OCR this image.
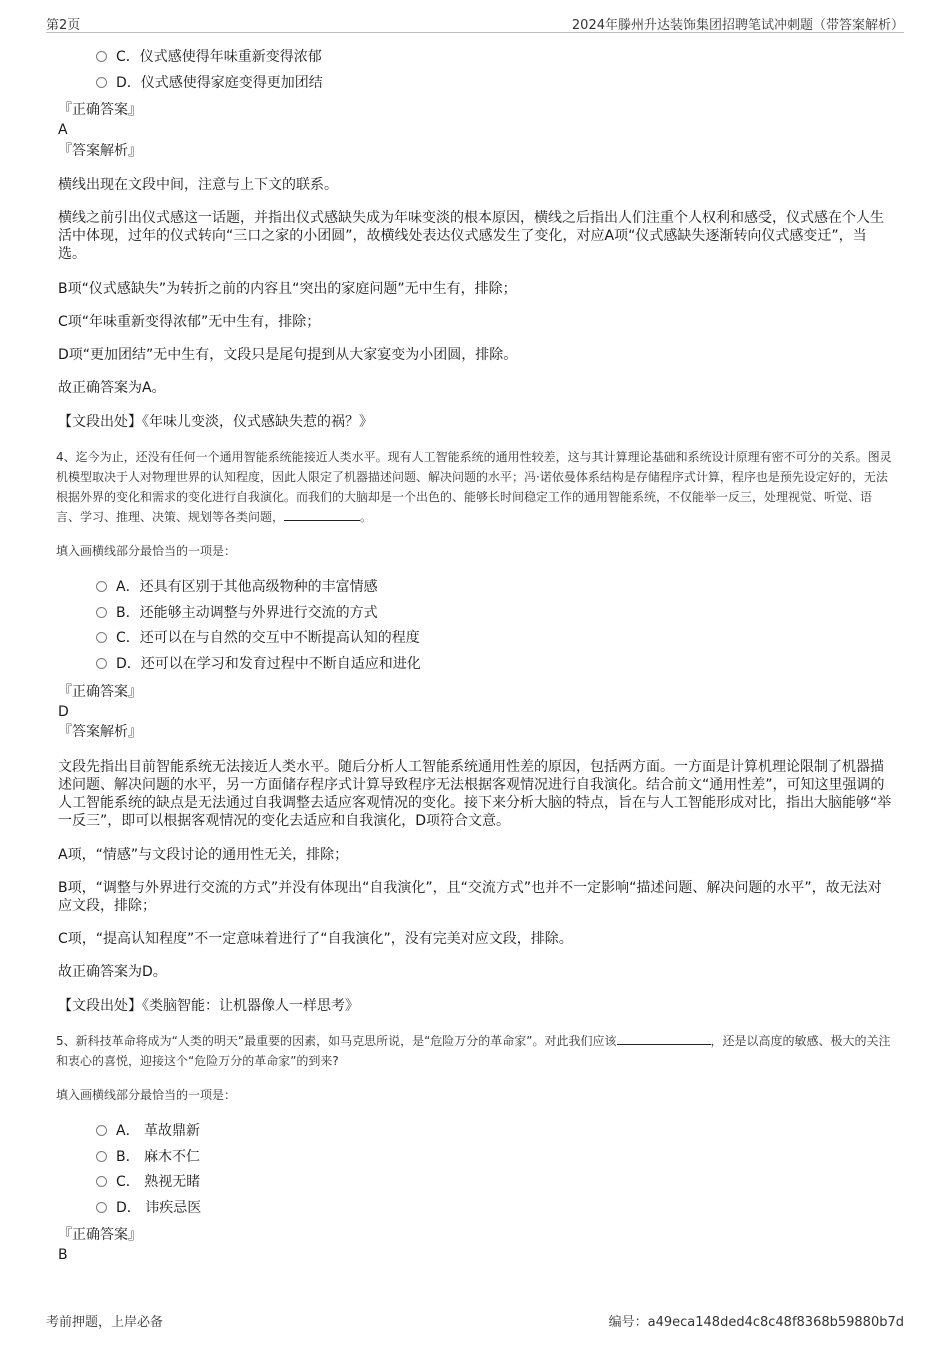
第2页	2024年滕州升达装饰集团招聘笔试冲刺题（带答案解析）
C．仪式感使得年味重新变得浓郁
D．仪式感使得家庭变得更加团结
『正确答案』
A
『答案解析』
横线出现在文段中间，注意与上下文的联系。
横线之前引出仪式感这一话题，并指出仪式感缺失成为年味变淡的根本原因，横线之后指出人们注重个人权利和感受，仪式感在个人生活中体现，过年的仪式转向“三口之家的小团圆”，故横线处表达仪式感发生了变化，对应A项“仪式感缺失逐渐转向仪式感变迁”，当选。
B项“仪式感缺失”为转折之前的内容且“突出的家庭问题”无中生有，排除；
C项“年味重新变得浓郁”无中生有，排除；
D项“更加团结”无中生有，文段只是尾句提到从大家宴变为小团圆，排除。
故正确答案为A。
【文段出处】《年味儿变淡，仪式感缺失惹的祸？》
4、迄今为止，还没有任何一个通用智能系统能接近人类水平。现有人工智能系统的通用性较差，这与其计算理论基础和系统设计原理有密不可分的关系。图灵机模型取决于人对物理世界的认知程度，因此人限定了机器描述问题、解决问题的水平；冯·诺依曼体系结构是存储程序式计算，程序也是预先设定好的，无法根据外界的变化和需求的变化进行自我演化。而我们的大脑却是一个出色的、能够长时间稳定工作的通用智能系统，不仅能举一反三，处理视觉、听觉、语言、学习、推理、决策、规划等各类问题，	。
填入画横线部分最恰当的一项是：
A．还具有区别于其他高级物种的丰富情感
B．还能够主动调整与外界进行交流的方式
C．还可以在与自然的交互中不断提高认知的程度
D．还可以在学习和发育过程中不断自适应和进化
『正确答案』
D
『答案解析』
文段先指出目前智能系统无法接近人类水平。随后分析人工智能系统通用性差的原因，包括两方面。一方面是计算机理论限制了机器描述问题、解决问题的水平，另一方面储存程序式计算导致程序无法根据客观情况进行自我演化。结合前文“通用性差”，可知这里强调的人工智能系统的缺点是无法通过自我调整去适应客观情况的变化。接下来分析大脑的特点，旨在与人工智能形成对比，指出大脑能够“举一反三”，即可以根据客观情况的变化去适应和自我演化，D项符合文意。
A项，“情感”与文段讨论的通用性无关，排除；
B项，“调整与外界进行交流的方式”并没有体现出“自我演化”，且“交流方式”也并不一定影响“描述问题、解决问题的水平”，故无法对应文段，排除；
C项，“提高认知程度”不一定意味着进行了“自我演化”，没有完美对应文段，排除。
故正确答案为D。
【文段出处】《类脑智能：让机器像人一样思考》
5、新科技革命将成为“人类的明天”最重要的因素，如马克思所说，是“危险万分的革命家”。对此我们应该	，还是以高度的敏感、极大的关注和衷心的喜悦，迎接这个“危险万分的革命家”的到来?
填入画横线部分最恰当的一项是：
A． 革故鼎新
B． 麻木不仁
C． 熟视无睹
D． 讳疾忌医
『正确答案』
B
考前押题，上岸必备	编号：a49eca148ded4c8c48f8368b59880b7d
